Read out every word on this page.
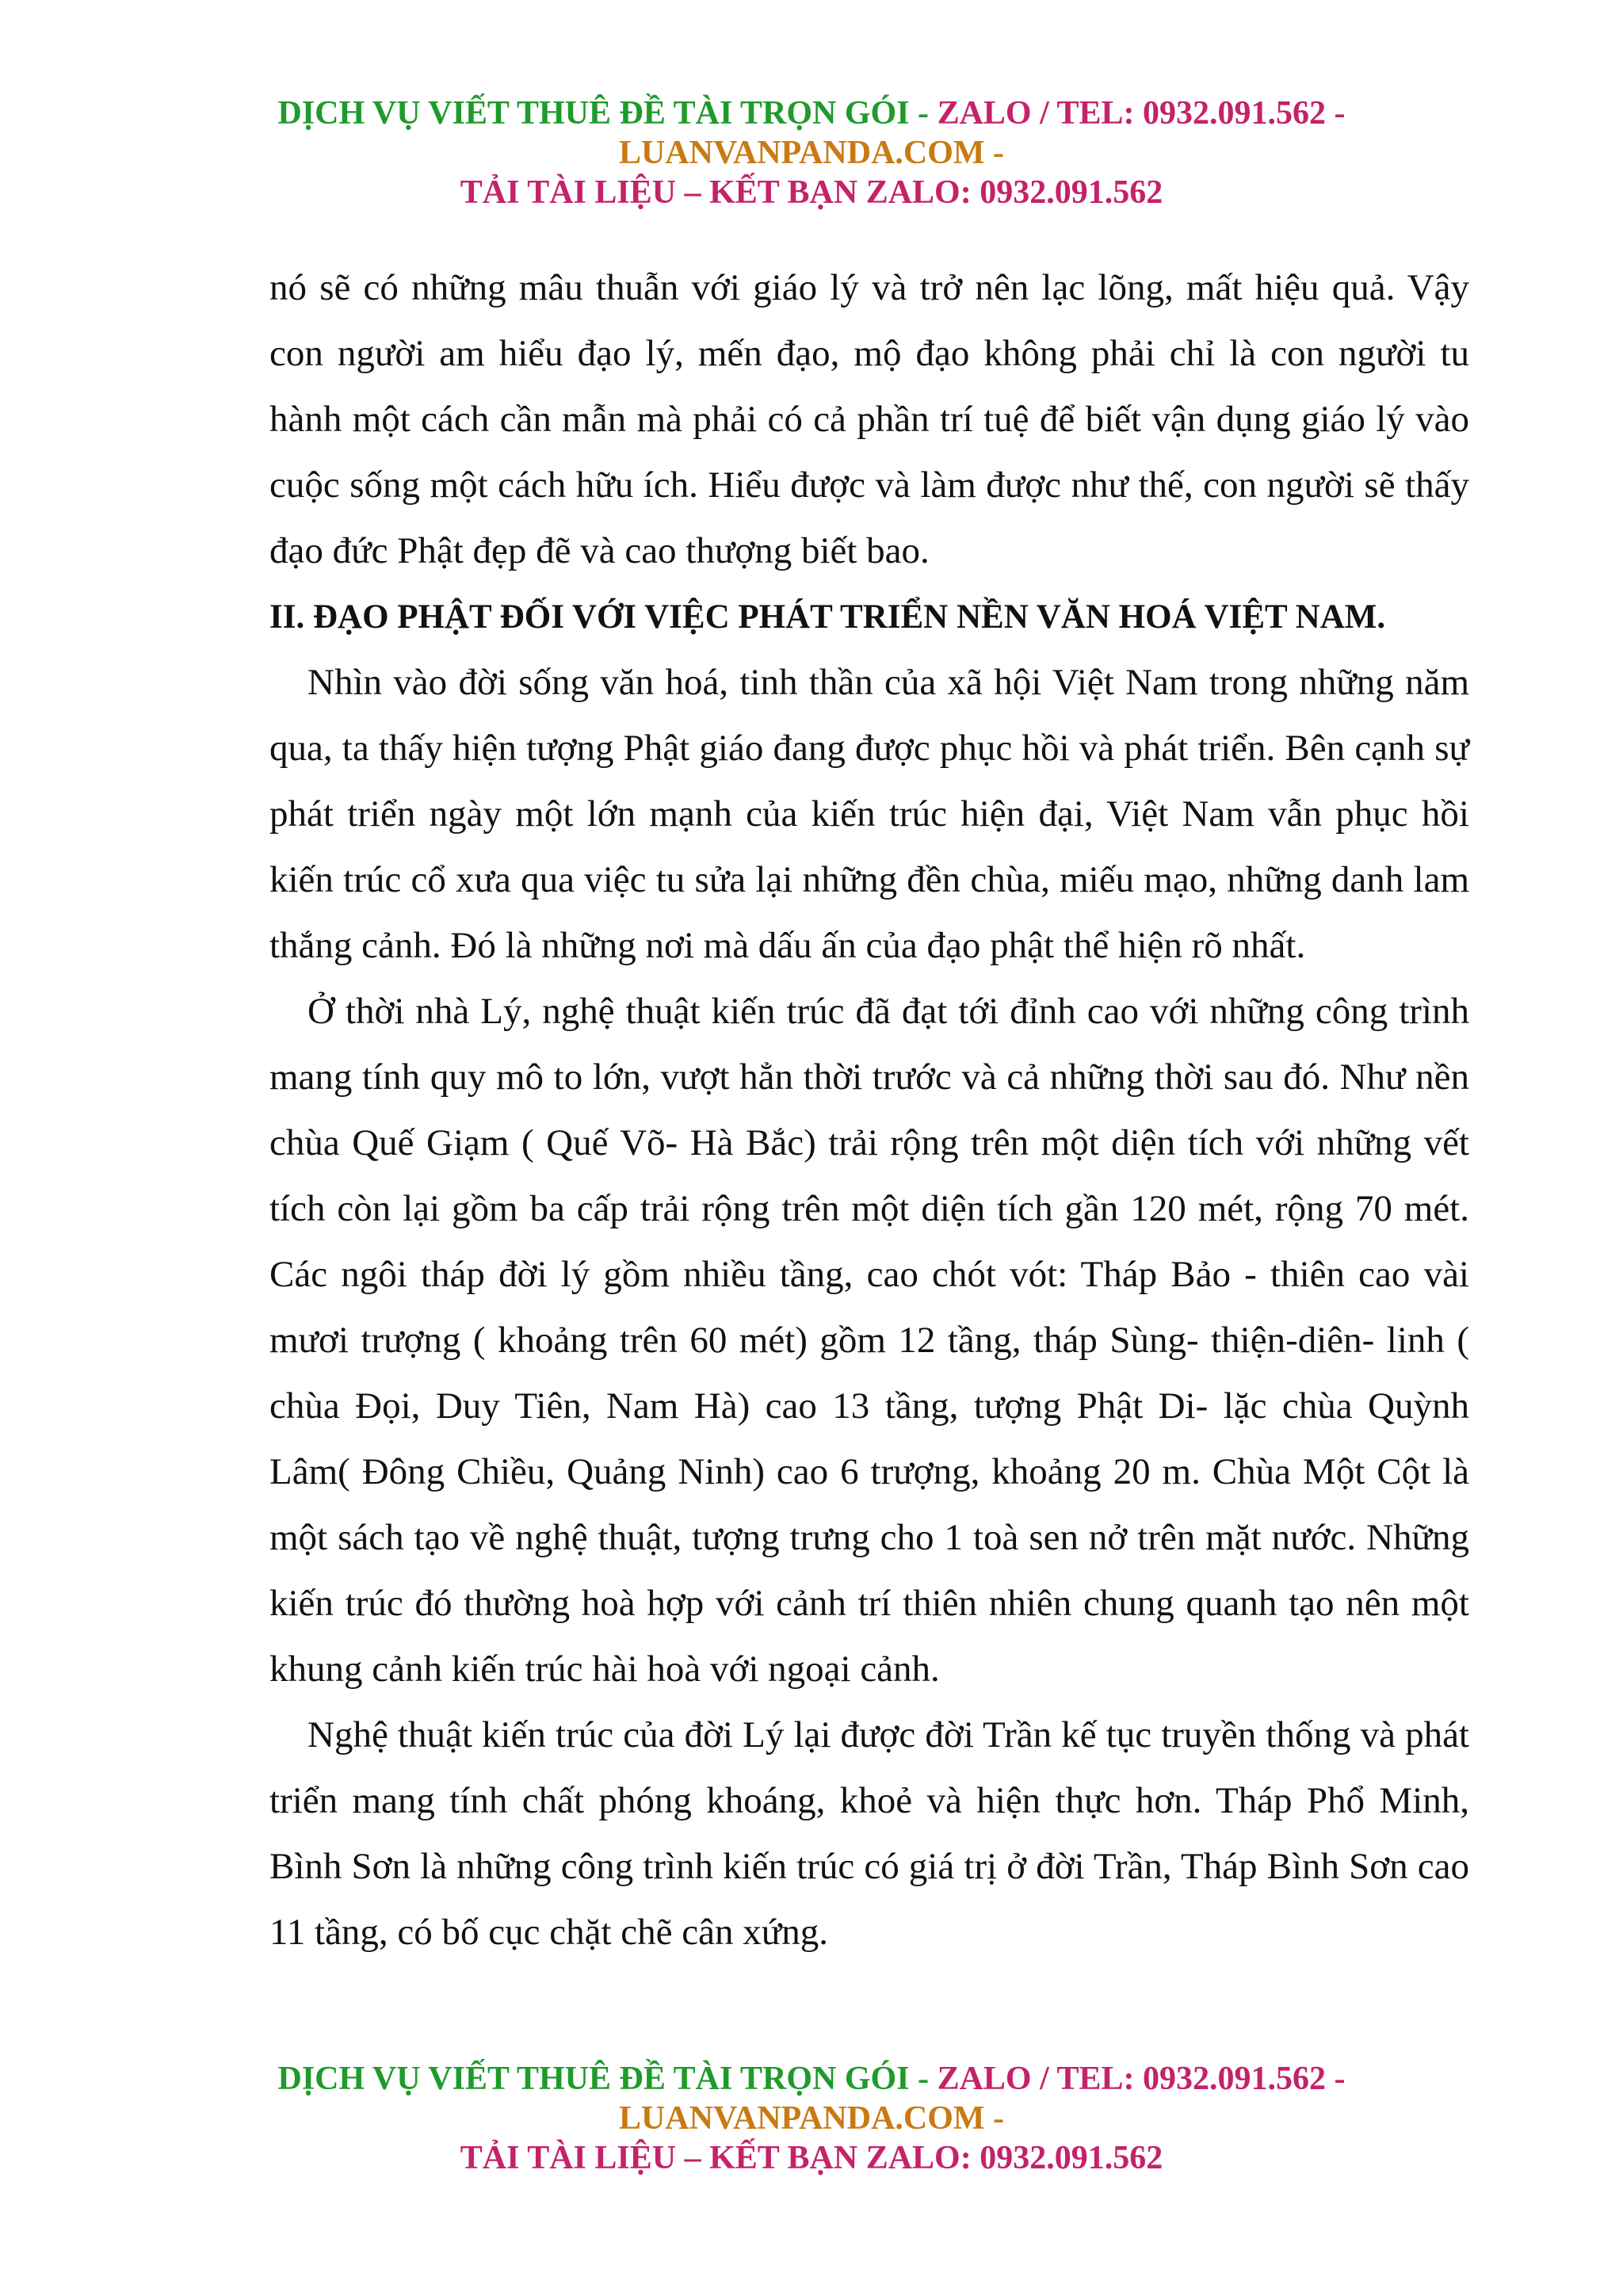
DỊCH VỤ VIẾT THUÊ ĐỀ TÀI TRỌN GÓI - ZALO / TEL: 0932.091.562 -
LUANVANPANDA.COM -
TẢI TÀI LIỆU – KẾT BẠN ZALO: 0932.091.562

nó sẽ có những mâu thuẫn với giáo lý và trở nên lạc lõng, mất hiệu quả. Vậy con người am hiểu đạo lý, mến đạo, mộ đạo không phải chỉ là con người tu hành một cách cần mẫn mà phải có cả phần trí tuệ để biết vận dụng giáo lý vào cuộc sống một cách hữu ích. Hiểu được và làm được như thế, con người sẽ thấy đạo đức Phật đẹp đẽ và cao thượng biết bao.

II. ĐẠO PHẬT ĐỐI VỚI VIỆC PHÁT TRIỂN NỀN VĂN HOÁ VIỆT NAM.

Nhìn vào đời sống văn hoá, tinh thần của xã hội Việt Nam trong những năm qua, ta thấy hiện tượng Phật giáo đang được phục hồi và phát triển. Bên cạnh sự phát triển ngày một lớn mạnh của kiến trúc hiện đại, Việt Nam vẫn phục hồi kiến trúc cổ xưa qua việc tu sửa lại những đền chùa, miếu mạo, những danh lam thắng cảnh. Đó là những nơi mà dấu ấn của đạo phật thể hiện rõ nhất.

Ở thời nhà Lý, nghệ thuật kiến trúc đã đạt tới đỉnh cao với những công trình mang tính quy mô to lớn, vượt hẳn thời trước và cả những thời sau đó. Như nền chùa Quế Giạm ( Quế Võ- Hà Bắc) trải rộng trên một diện tích với những vết tích còn lại gồm ba cấp trải rộng trên một diện tích gần 120 mét, rộng 70 mét. Các ngôi tháp đời lý gồm nhiều tầng, cao chót vót: Tháp Bảo - thiên cao vài mươi trượng ( khoảng trên 60 mét) gồm 12 tầng, tháp Sùng- thiện-diên- linh ( chùa Đọi, Duy Tiên, Nam Hà) cao 13 tầng, tượng Phật Di- lặc chùa Quỳnh Lâm( Đông Chiều, Quảng Ninh) cao 6 trượng, khoảng 20 m. Chùa Một Cột là một sách tạo về nghệ thuật, tượng trưng cho 1 toà sen nở trên mặt nước. Những kiến trúc đó thường hoà hợp với cảnh trí thiên nhiên chung quanh tạo nên một khung cảnh kiến trúc hài hoà với ngoại cảnh.

Nghệ thuật kiến trúc của đời Lý lại được đời Trần kế tục truyền thống và phát triển mang tính chất phóng khoáng, khoẻ và hiện thực hơn. Tháp Phổ Minh, Bình Sơn là những công trình kiến trúc có giá trị ở đời Trần, Tháp Bình Sơn cao 11 tầng, có bố cục chặt chẽ cân xứng.

DỊCH VỤ VIẾT THUÊ ĐỀ TÀI TRỌN GÓI - ZALO / TEL: 0932.091.562 -
LUANVANPANDA.COM -
TẢI TÀI LIỆU – KẾT BẠN ZALO: 0932.091.562
